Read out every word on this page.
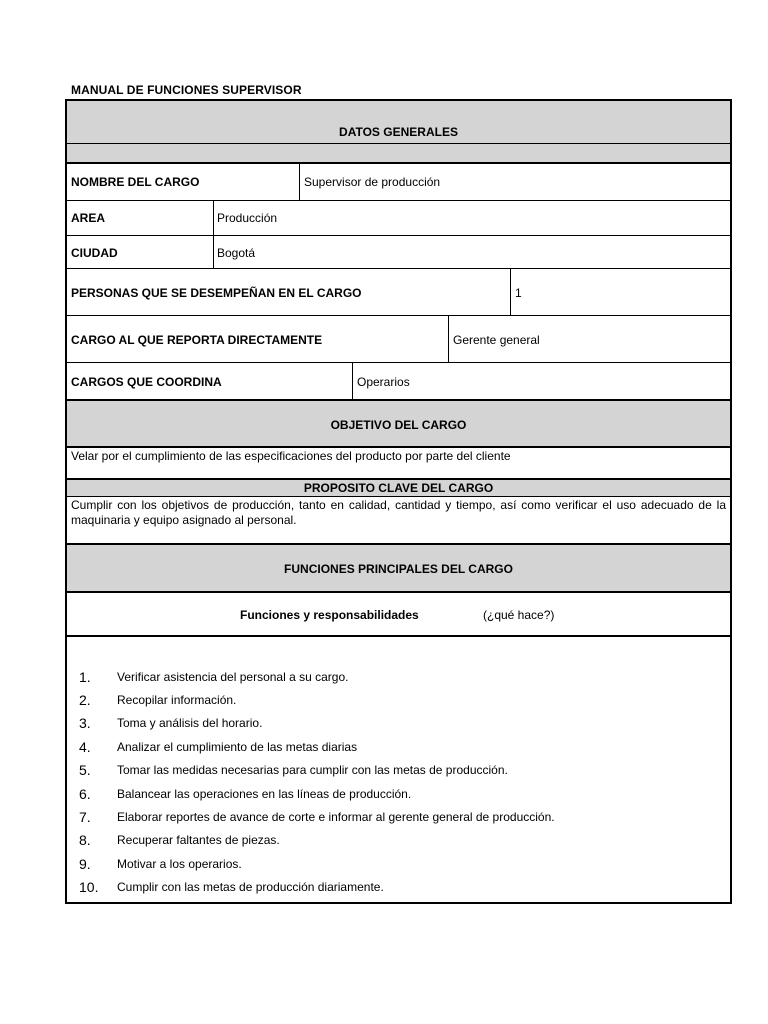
MANUAL DE FUNCIONES SUPERVISOR
DATOS GENERALES
NOMBRE DEL CARGO	Supervisor de producción
AREA	Producción
CIUDAD	Bogotá
PERSONAS QUE SE DESEMPEÑAN EN EL CARGO	1
CARGO AL QUE REPORTA DIRECTAMENTE	Gerente general
CARGOS QUE COORDINA	Operarios
OBJETIVO DEL CARGO
Velar por el cumplimiento de las especificaciones del producto por parte del cliente
PROPOSITO CLAVE DEL CARGO
Cumplir con los objetivos de producción, tanto en calidad, cantidad y tiempo, así como verificar el uso adecuado de la maquinaria y equipo asignado al personal.
FUNCIONES PRINCIPALES DEL CARGO
Funciones y responsabilidades	(¿qué hace?)
1.	Verificar asistencia del personal a su cargo.
2.	Recopilar información.
3.	Toma y análisis del horario.
4.	Analizar el cumplimiento de las metas diarias
5.	Tomar las medidas necesarias para cumplir con las metas de producción.
6.	Balancear las operaciones en las líneas de producción.
7.	Elaborar reportes de avance de corte e informar al gerente general de producción.
8.	Recuperar faltantes de piezas.
9.	Motivar a los operarios.
10.	Cumplir con las metas de producción diariamente.
